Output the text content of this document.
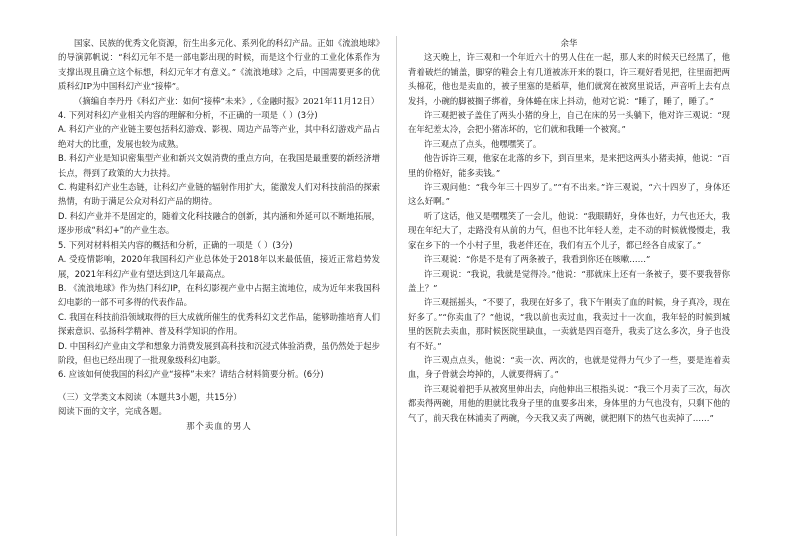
国家、民族的优秀文化资源，衍生出多元化、系列化的科幻产品。正如《流浪地球》的导演郭帆说：“科幻元年不是一部电影出现的时候，而是这个行业的工业化体系作为支撑出现且确立这个标想，科幻元年才有意义。”《流浪地球》之后，中国需要更多的优质科幻IP为中国科幻产业“接棒”。

（摘编自李丹丹《科幻产业：如何“接棒”未来》,《金融时报》2021年11月12日）

4. 下列对科幻产业相关内容的理解和分析，不正确的一项是（ ）(3分)

A. 科幻产业的产业链主要包括科幻游戏、影视、周边产品等产业，其中科幻游戏产品占绝对大的比重，发展也较为成熟。

B. 科幻产业是知识密集型产业和新兴文娱消费的重点方向，在我国是最重要的新经济增长点，得到了政策的大力扶持。

C. 构建科幻产业生态链，让科幻产业链的辐射作用扩大，能激发人们对科技前沿的探索热情，有助于满足公众对科幻产品的期待。

D. 科幻产业并不是固定的，随着文化科技融合的创新，其内涵和外延可以不断地拓展，逐步形成“科幻+”的产业生态。

5. 下列对材料相关内容的概括和分析，正确的一项是（ ）(3分)

A. 受疫情影响，2020年我国科幻产业总体处于2018年以来最低值，接近正常趋势发展，2021年科幻产业有望达到这几年最高点。

B. 《流浪地球》作为热门科幻IP，在科幻影视产业中占据主流地位，成为近年来我国科幻电影的一部不可多得的代表作品。

C. 我国在科技前沿领域取得的巨大成就所催生的优秀科幻文艺作品，能够助推培育人们探索意识、弘扬科学精神、普及科学知识的作用。

D. 中国科幻产业由文学和想象力消费发展到高科技和沉浸式体验消费，虽仍然处于起步阶段，但也已经出现了一批现象级科幻电影。

6. 应该如何使我国的科幻产业“接棒”未来？请结合材料简要分析。(6分)

（三）文学类文本阅读（本题共3小题，共15分）

阅读下面的文字，完成各题。

那个卖血的男人

余华

这天晚上，许三观和一个年近六十的男人住在一起，那人来的时候天已经黑了，他背着破烂的铺盖，脚穿的鞋会上有几道被冻开来的裂口，许三观好看见把，往里面把两头棉花，他也是卖血的，被子里塞的是稻草，他们就窝在被窝里说话，声音听上去有点发抖，小碗的脚被搁子绑着，身体蜷在床上抖动，他对它说：“睡了，睡了，睡了。”

许三观把被子盖住了两头小猪的身上，自己在床的另一头躺下，他对许三观说：“现在年纪差太冷，会把小猪冻坏的，它们就和我睡一个被窝。”

许三观点了点头，他嘿嘿笑了。

他告诉许三观，他家在北落的乡下，到百里来，是来把这两头小猪卖掉，他说：“百里的价格好，能多卖钱。”

许三观问他：“我今年三十四岁了。”“有不出来。”许三观说，“六十四岁了，身体还这么好啊。”

听了这话，他又是嘿嘿笑了一会儿，他说：“我眼睛好，身体也好，力气也还大，我现在年纪大了，走路没有从前的力气，但也不比年轻人差，走不动的时候就慢慢走，我家在乡下的一个小村子里，我老伴还在，我们有五个儿子，都已经各自成家了。”

许三观说：“你是不是有了两条被子，我看到你还在咳嗽……”

许三观说：“我说，我就是觉得冷。”他说：“那就床上还有一条被子，要不要我替你盖上？”

许三观摇摇头，“不要了，我现在好多了，我下午刚卖了血的时候，身子真冷，现在好多了。”“你卖血了？”他说，“我以前也卖过血，我卖过十一次血，我年轻的时候到城里的医院去卖血，那时候医院里缺血，一卖就是四百毫升，我卖了这么多次，身子也没有不好。”

许三观点点头，他说：“卖一次、两次的，也就是觉得力气少了一些，要是连着卖血，身子骨就会垮掉的，人就要得病了。”

许三观说着把手从被窝里伸出去，向他伸出三根指头说：“我三个月卖了三次，每次都卖得两碗，用他的胆就比我身子里的血要多出来，身体里的力气也没有，只剩下他的气了，前天我在林浦卖了两碗，今天我又卖了两碗，就把刚下的热气也卖掉了……”
